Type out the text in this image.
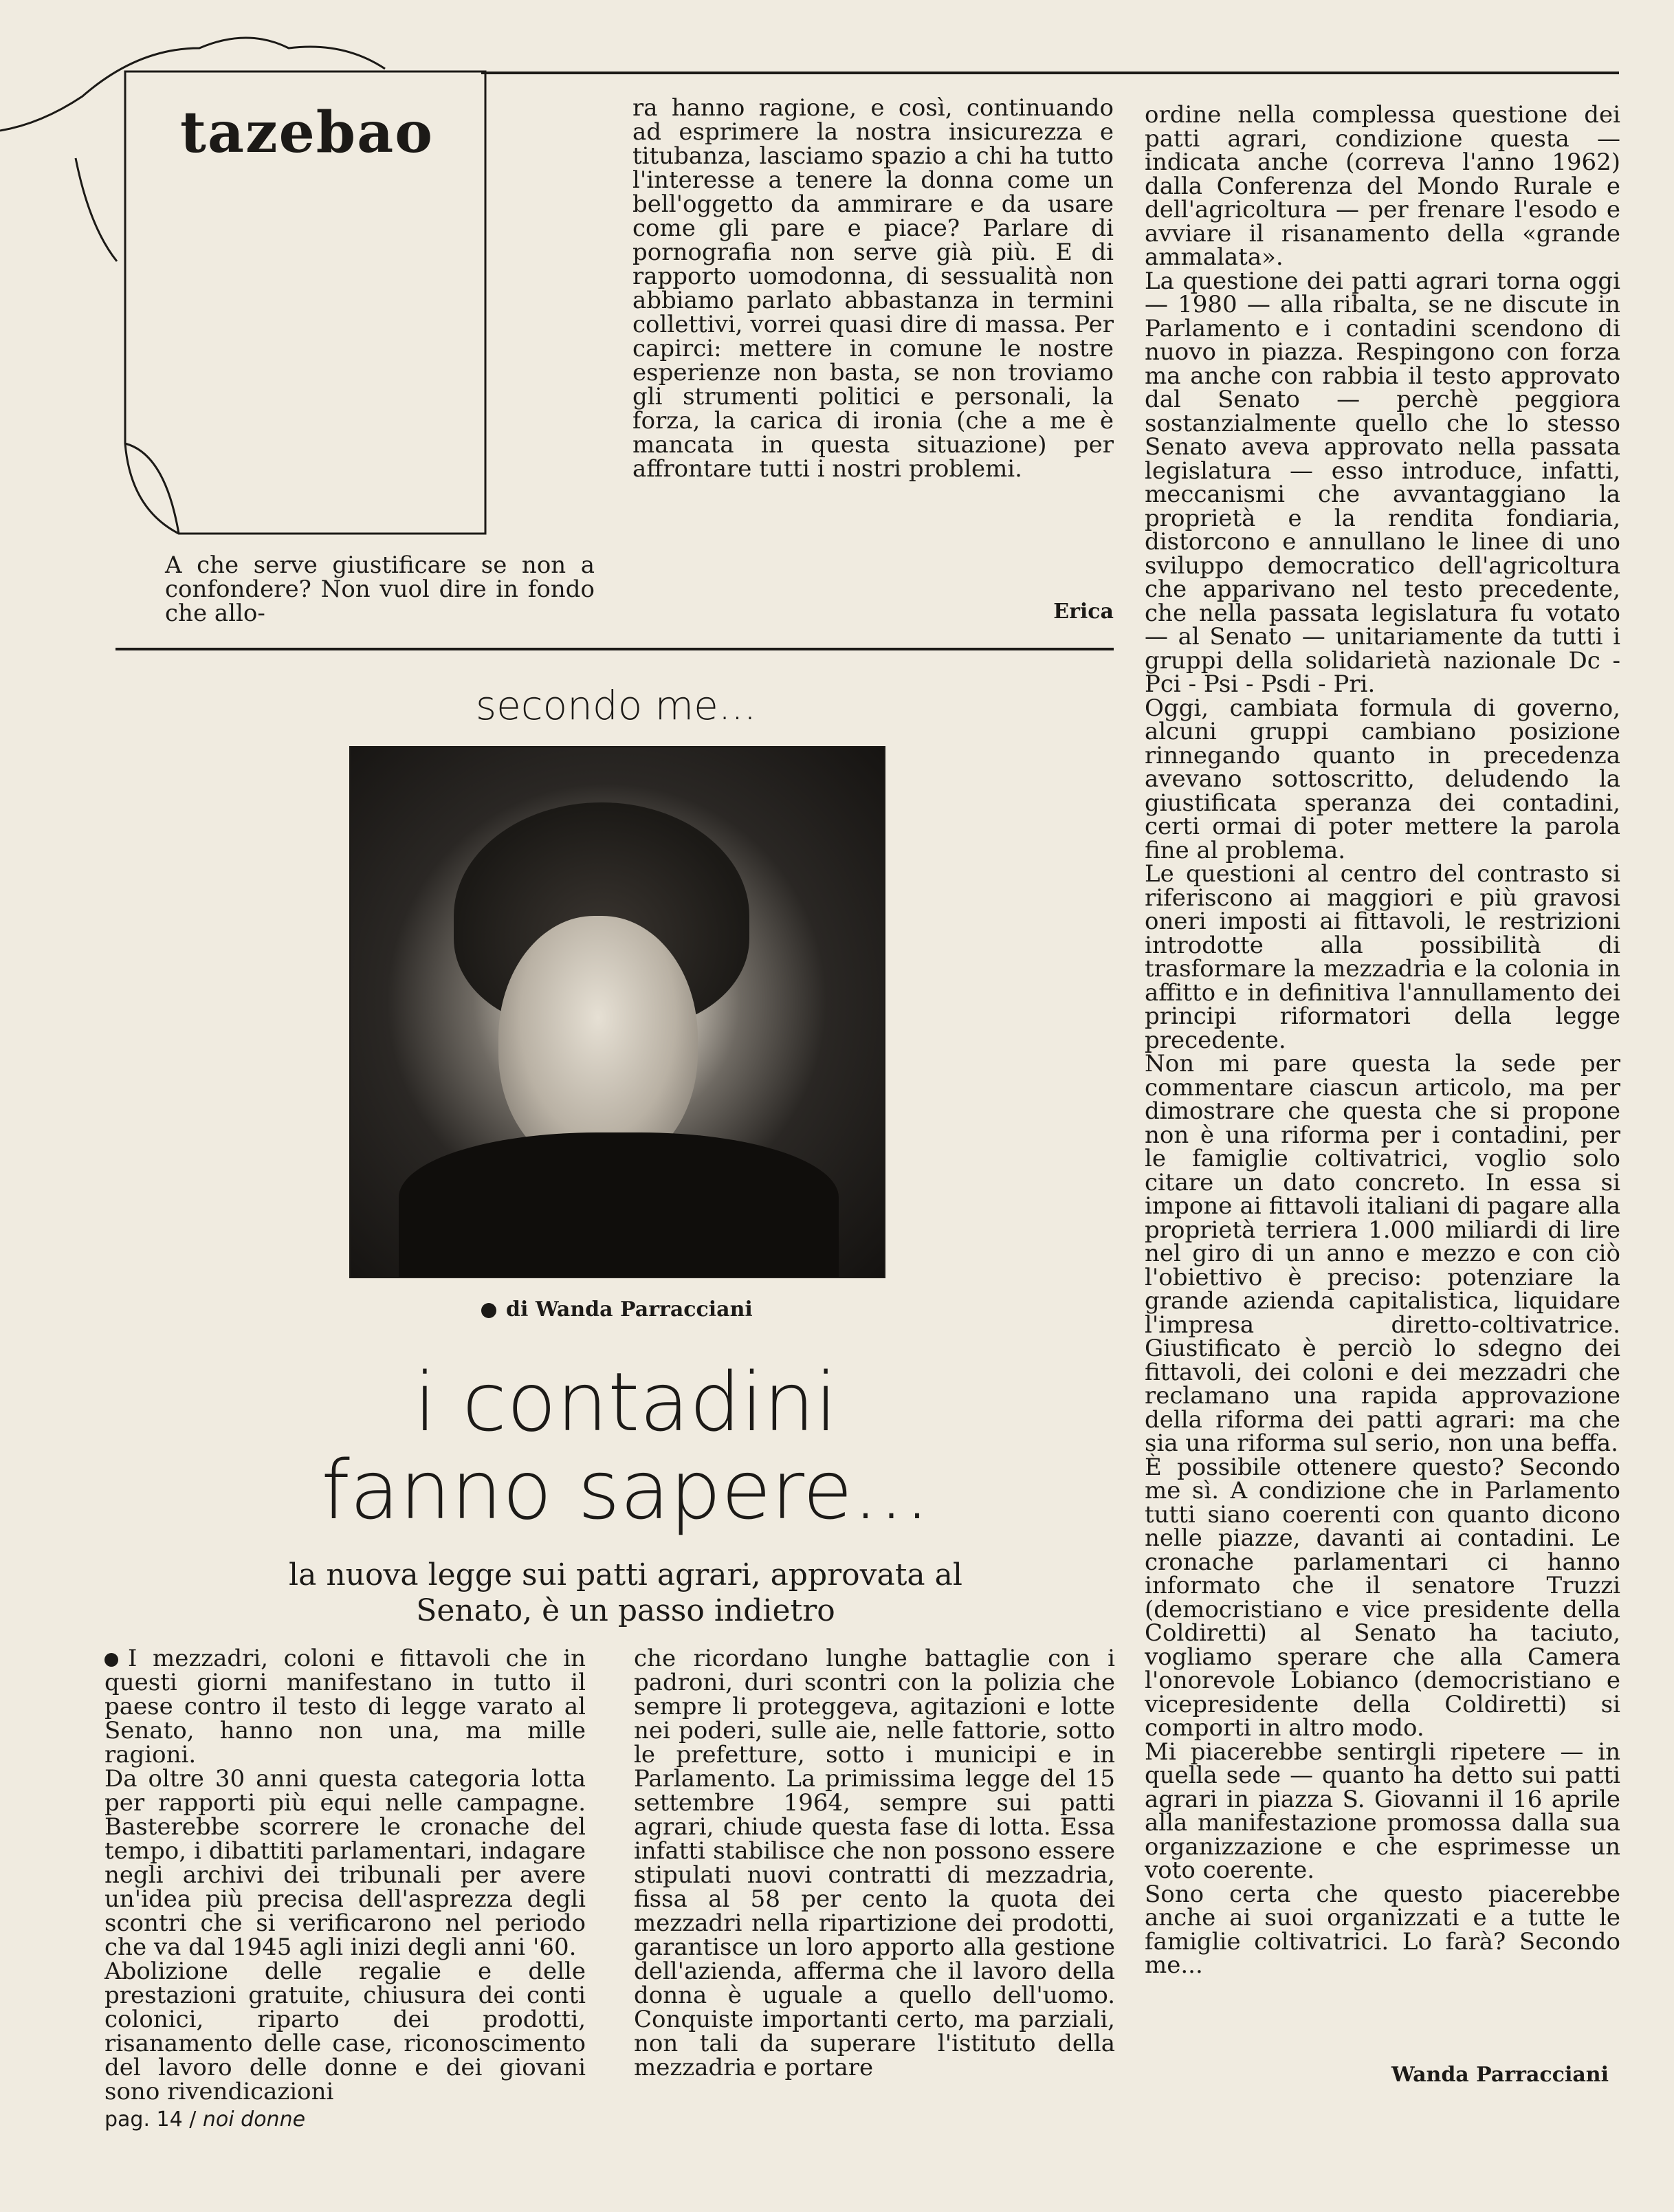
tazebao

A che serve giustificare se non a confondere? Non vuol dire in fondo che allo-

ra hanno ragione, e così, continuando ad esprimere la nostra insicurezza e titubanza, lasciamo spazio a chi ha tutto l'interesse a tenere la donna come un bell'oggetto da ammirare e da usare come gli pare e piace? Parlare di pornografia non serve già più. E di rapporto uomodonna, di sessualità non abbiamo parlato abbastanza in termini collettivi, vorrei quasi dire di massa. Per capirci: mettere in comune le nostre esperienze non basta, se non troviamo gli strumenti politici e personali, la forza, la carica di ironia (che a me è mancata in questa situazione) per affrontare tutti i nostri problemi.

Erica
secondo me...
di Wanda Parracciani
i contadini
fanno sapere...
la nuova legge sui patti agrari, approvata al
Senato, è un passo indietro
I mezzadri, coloni e fittavoli che in questi giorni manifestano in tutto il paese contro il testo di legge varato al Senato, hanno non una, ma mille ragioni.
Da oltre 30 anni questa categoria lotta per rapporti più equi nelle campagne. Basterebbe scorrere le cronache del tempo, i dibattiti parlamentari, indagare negli archivi dei tribunali per avere un'idea più precisa dell'asprezza degli scontri che si verificarono nel periodo che va dal 1945 agli inizi degli anni '60.
Abolizione delle regalie e delle prestazioni gratuite, chiusura dei conti colonici, riparto dei prodotti, risanamento delle case, riconoscimento del lavoro delle donne e dei giovani sono rivendicazioni

che ricordano lunghe battaglie con i padroni, duri scontri con la polizia che sempre li proteggeva, agitazioni e lotte nei poderi, sulle aie, nelle fattorie, sotto le prefetture, sotto i municipi e in Parlamento. La primissima legge del 15 settembre 1964, sempre sui patti agrari, chiude questa fase di lotta. Essa infatti stabilisce che non possono essere stipulati nuovi contratti di mezzadria, fissa al 58 per cento la quota dei mezzadri nella ripartizione dei prodotti, garantisce un loro apporto alla gestione dell'azienda, afferma che il lavoro della donna è uguale a quello dell'uomo. Conquiste importanti certo, ma parziali, non tali da superare l'istituto della mezzadria e portare

ordine nella complessa questione dei patti agrari, condizione questa — indicata anche (correva l'anno 1962) dalla Conferenza del Mondo Rurale e dell'agricoltura — per frenare l'esodo e avviare il risanamento della «grande ammalata».
La questione dei patti agrari torna oggi — 1980 — alla ribalta, se ne discute in Parlamento e i contadini scendono di nuovo in piazza. Respingono con forza ma anche con rabbia il testo approvato dal Senato — perchè peggiora sostanzialmente quello che lo stesso Senato aveva approvato nella passata legislatura — esso introduce, infatti, meccanismi che avvantaggiano la proprietà e la rendita fondiaria, distorcono e annullano le linee di uno sviluppo democratico dell'agricoltura che apparivano nel testo precedente, che nella passata legislatura fu votato — al Senato — unitariamente da tutti i gruppi della solidarietà nazionale Dc - Pci - Psi - Psdi - Pri.
Oggi, cambiata formula di governo, alcuni gruppi cambiano posizione rinnegando quanto in precedenza avevano sottoscritto, deludendo la giustificata speranza dei contadini, certi ormai di poter mettere la parola fine al problema.
Le questioni al centro del contrasto si riferiscono ai maggiori e più gravosi oneri imposti ai fittavoli, le restrizioni introdotte alla possibilità di trasformare la mezzadria e la colonia in affitto e in definitiva l'annullamento dei principi riformatori della legge precedente.
Non mi pare questa la sede per commentare ciascun articolo, ma per dimostrare che questa che si propone non è una riforma per i contadini, per le famiglie coltivatrici, voglio solo citare un dato concreto. In essa si impone ai fittavoli italiani di pagare alla proprietà terriera 1.000 miliardi di lire nel giro di un anno e mezzo e con ciò l'obiettivo è preciso: potenziare la grande azienda capitalistica, liquidare l'impresa diretto-coltivatrice. Giustificato è perciò lo sdegno dei fittavoli, dei coloni e dei mezzadri che reclamano una rapida approvazione della riforma dei patti agrari: ma che sia una riforma sul serio, non una beffa.
È possibile ottenere questo? Secondo me sì. A condizione che in Parlamento tutti siano coerenti con quanto dicono nelle piazze, davanti ai contadini. Le cronache parlamentari ci hanno informato che il senatore Truzzi (democristiano e vice presidente della Coldiretti) al Senato ha taciuto, vogliamo sperare che alla Camera l'onorevole Lobianco (democristiano e vicepresidente della Coldiretti) si comporti in altro modo.
Mi piacerebbe sentirgli ripetere — in quella sede — quanto ha detto sui patti agrari in piazza S. Giovanni il 16 aprile alla manifestazione promossa dalla sua organizzazione e che esprimesse un voto coerente.
Sono certa che questo piacerebbe anche ai suoi organizzati e a tutte le famiglie coltivatrici. Lo farà? Secondo me...

Wanda Parracciani
pag. 14 / noi donne
